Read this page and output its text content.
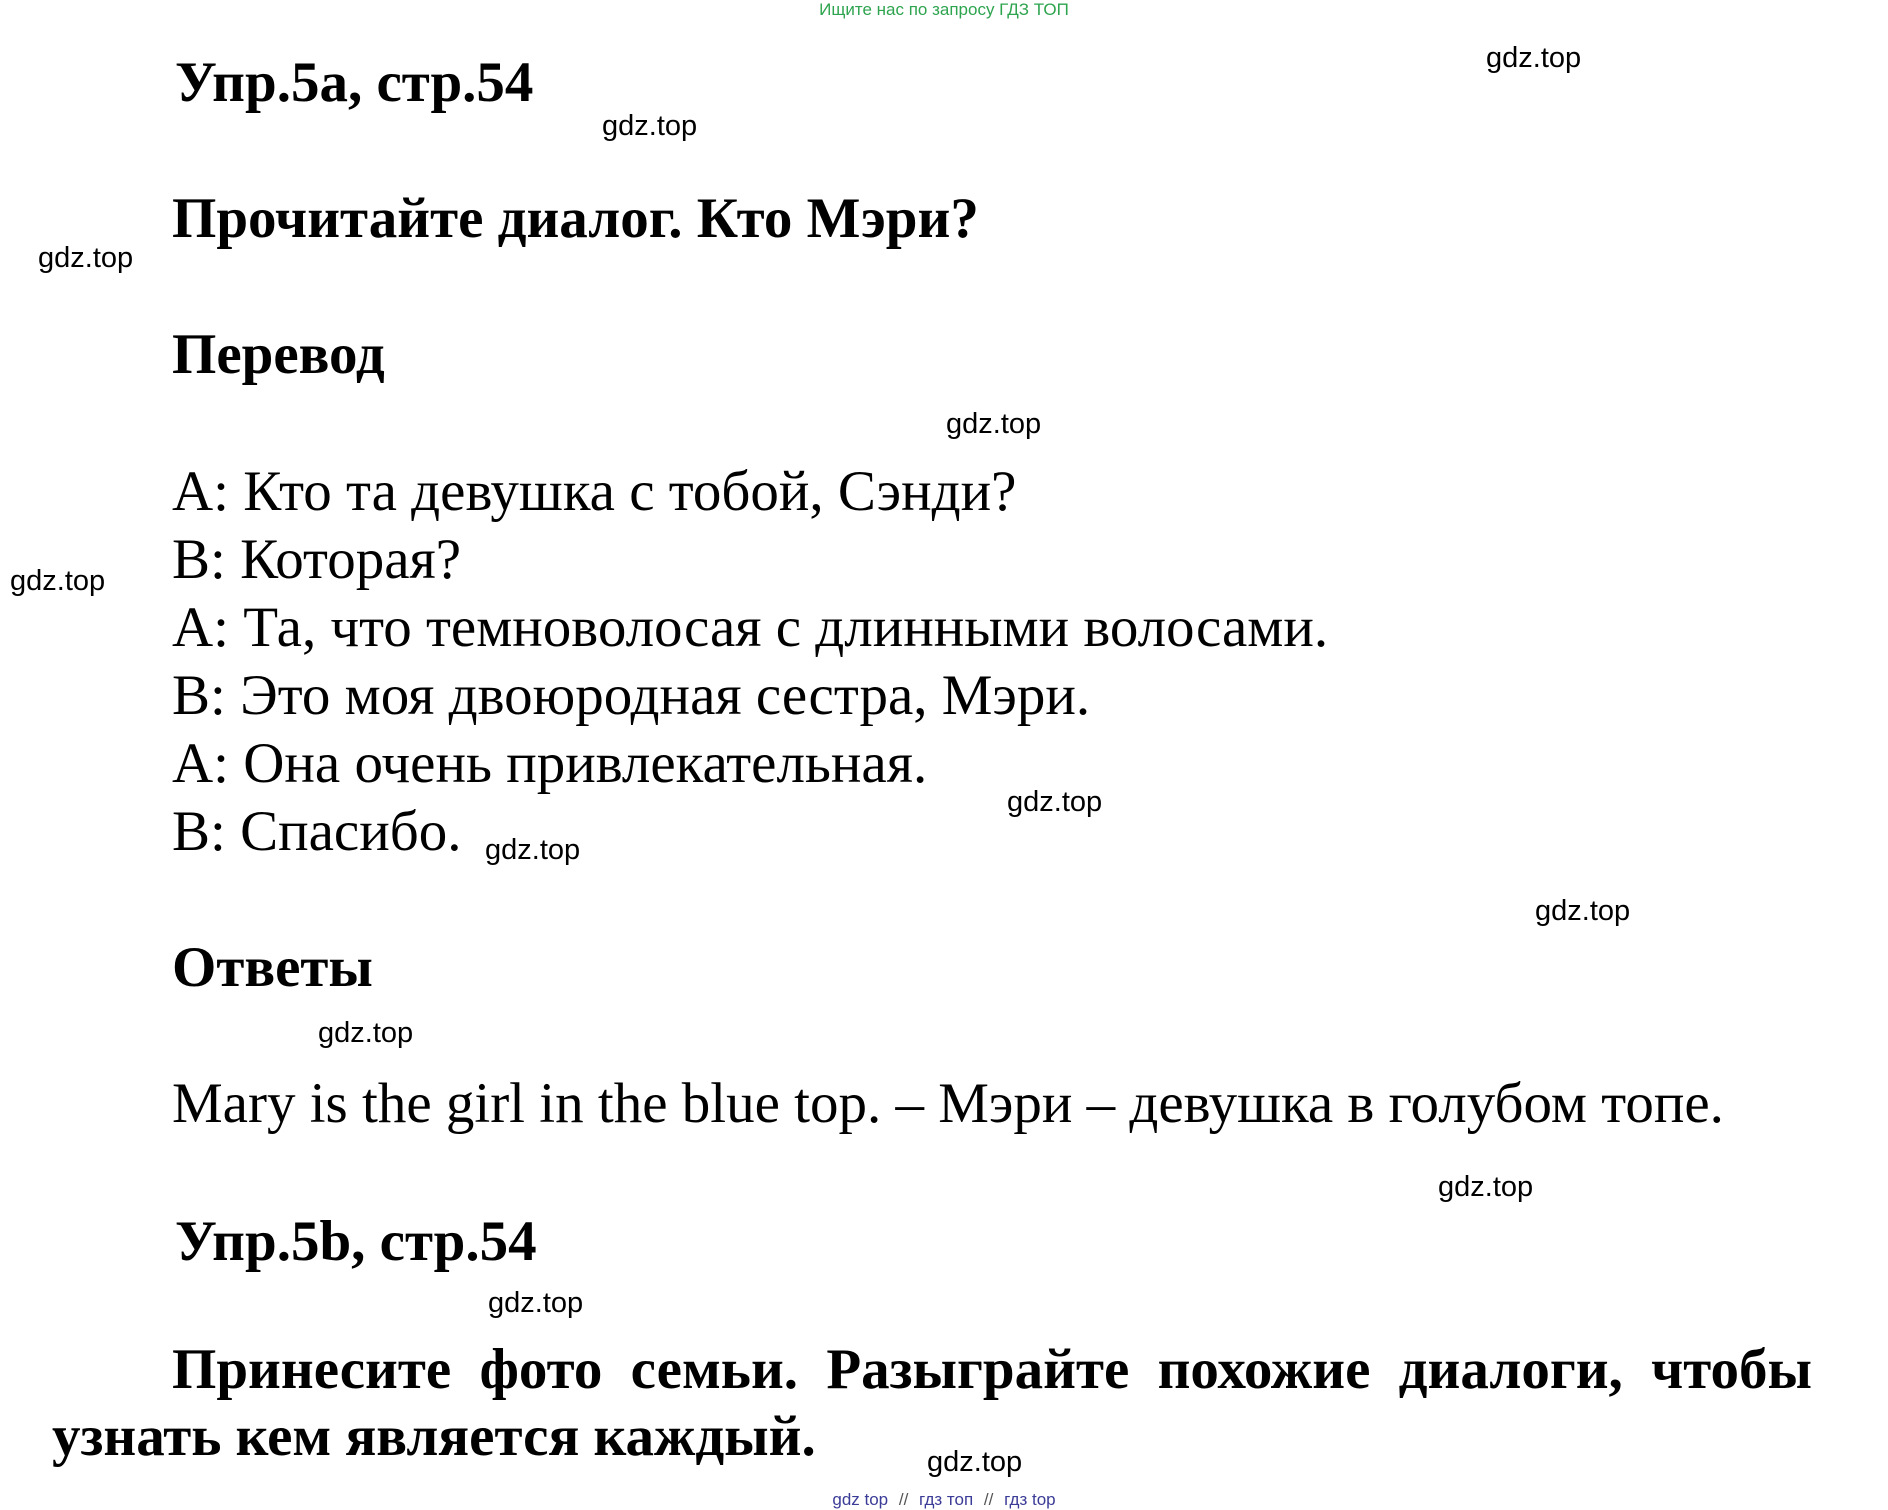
Ищите нас по запросу ГДЗ ТОП
Упр.5a, стр.54
Прочитайте диалог. Кто Мэри?
Перевод
A: Кто та девушка с тобой, Сэнди?
B: Которая?
A: Та, что темноволосая с длинными волосами.
B: Это моя двоюродная сестра, Мэри.
A: Она очень привлекательная.
B: Спасибо.
Ответы
Mary is the girl in the blue top. – Мэри – девушка в голубом топе.
Упр.5b, стр.54
Принесите фото семьи. Разыграйте похожие диалоги, чтобы узнать кем является каждый.
gdz.top
gdz.top
gdz.top
gdz.top
gdz.top
gdz.top
gdz.top
gdz.top
gdz.top
gdz.top
gdz.top
gdz.top
gdz top // гдз топ // гдз top
